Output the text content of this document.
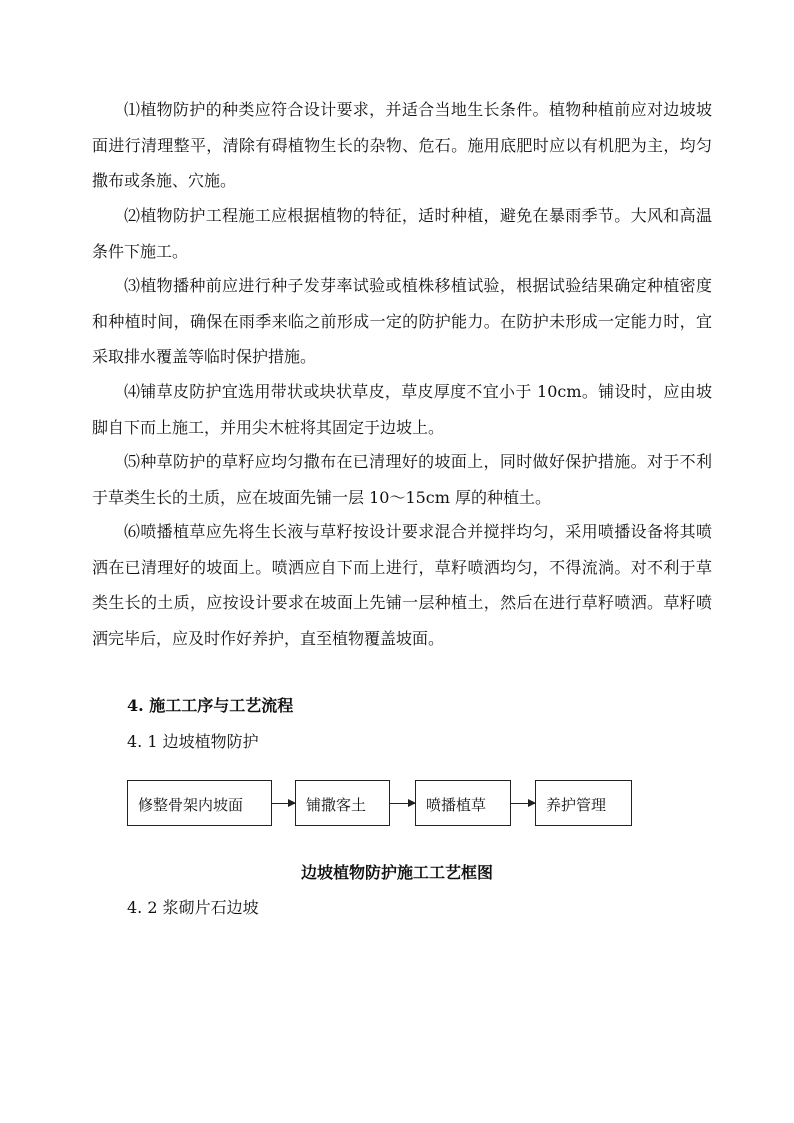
⑴植物防护的种类应符合设计要求，并适合当地生长条件。植物种植前应对边坡坡面进行清理整平，清除有碍植物生长的杂物、危石。施用底肥时应以有机肥为主，均匀撒布或条施、穴施。

⑵植物防护工程施工应根据植物的特征，适时种植，避免在暴雨季节。大风和高温条件下施工。

⑶植物播种前应进行种子发芽率试验或植株移植试验，根据试验结果确定种植密度和种植时间，确保在雨季来临之前形成一定的防护能力。在防护未形成一定能力时，宜采取排水覆盖等临时保护措施。

⑷铺草皮防护宜选用带状或块状草皮，草皮厚度不宜小于 10cm。铺设时，应由坡脚自下而上施工，并用尖木桩将其固定于边坡上。

⑸种草防护的草籽应均匀撒布在已清理好的坡面上，同时做好保护措施。对于不利于草类生长的土质，应在坡面先铺一层 10～15cm 厚的种植土。

⑹喷播植草应先将生长液与草籽按设计要求混合并搅拌均匀，采用喷播设备将其喷洒在已清理好的坡面上。喷洒应自下而上进行，草籽喷洒均匀，不得流淌。对不利于草类生长的土质，应按设计要求在坡面上先铺一层种植土，然后在进行草籽喷洒。草籽喷洒完毕后，应及时作好养护，直至植物覆盖坡面。

4. 施工工序与工艺流程

4. 1 边坡植物防护

修整骨架内坡面	铺撒客土	喷播植草	养护管理

边坡植物防护施工工艺框图

4. 2 浆砌片石边坡
